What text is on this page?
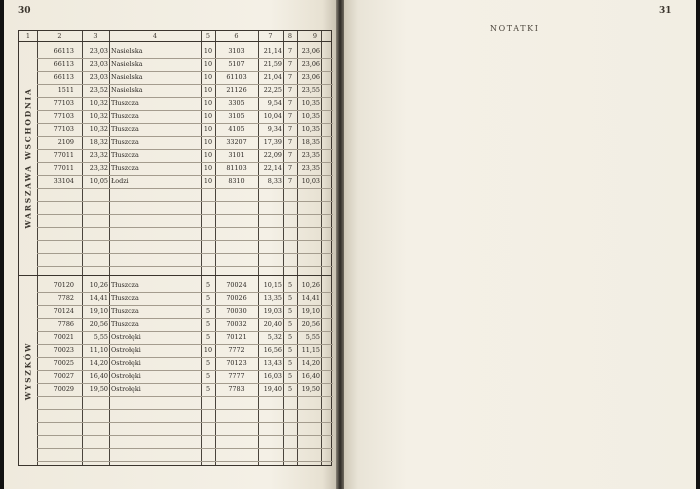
30
1	2	3	4	5	6	7	8	9
WARSZAWA WSCHODNIA
66113	23,03 Nasielska	10	3103	21,14 7	23,06
66113	23,03 Nasielska	10	5107	21,59 7	23,06
66113	23,03 Nasielska	10	61103	21,04 7	23,06
1511	23,52 Nasielska	10	21126	22,25 7	23,55
77103	10,32 Tłuszcza	10	3305	9,54 7	10,35
77103	10,32 Tłuszcza	10	3105	10,04 7	10,35
77103	10,32 Tłuszcza	10	4105	9,34 7	10,35
2109	18,32 Tłuszcza	10	33207	17,39 7	18,35
77011	23,32 Tłuszcza	10	3101	22,09 7	23,35
77011	23,32 Tłuszcza	10	81103	22,14 7	23,35
33104	10,05 Łodzi	10	8310	8,33 7	10,03
WYSZKÓW
70120	10,26 Tłuszcza	5	70024	10,15 5	10,26
7782	14,41 Tłuszcza	5	70026	13,35 5	14,41
70124	19,10 Tłuszcza	5	70030	19,03 5	19,10
7786	20,56 Tłuszcza	5	70032	20,40 5	20,56
70021	5,55 Ostrołęki	5	70121	5,32 5	5,55
70023	11,10 Ostrołęki	10	7772	16,56 5	11,15
70025	14,20 Ostrołęki	5	70123	13,43 5	14,20
70027	16,40 Ostrołęki	5	7777	16,03 5	16,40
70029	19,50 Ostrołęki	5	7783	19,40 5	19,50
31
NOTATKI
